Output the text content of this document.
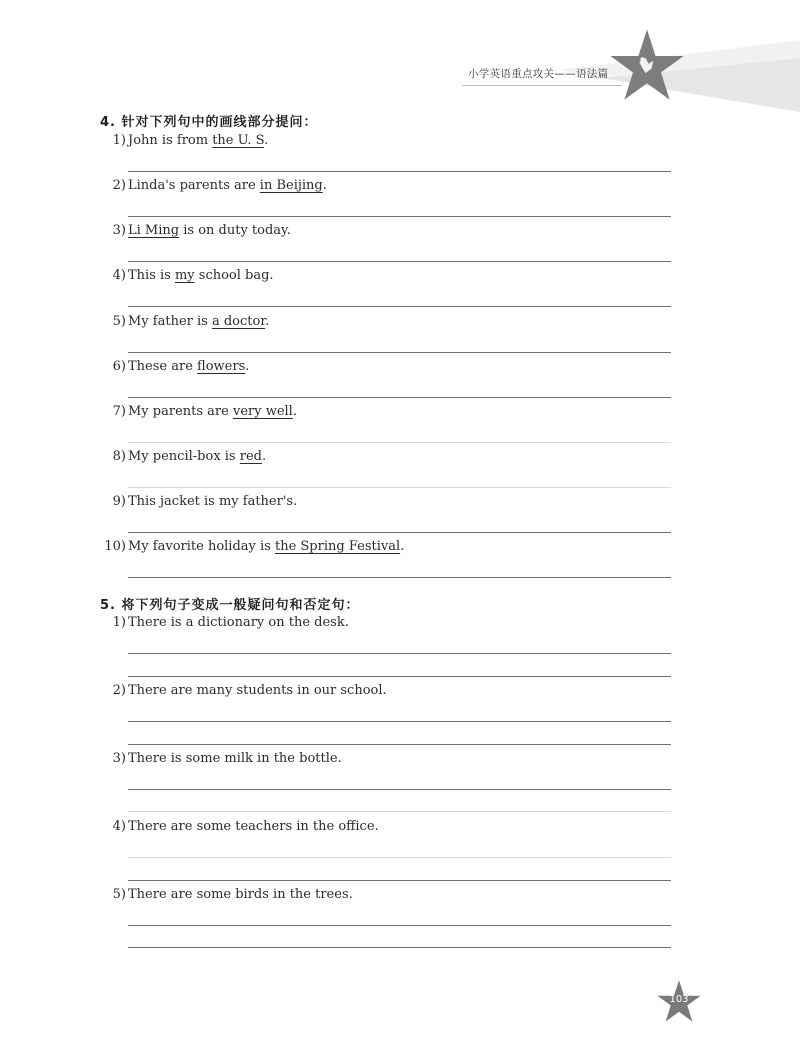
小学英语重点攻关——语法篇
4. 针对下列句中的画线部分提问：
1) John is from the U. S.
2) Linda's parents are in Beijing.
3) Li Ming is on duty today.
4) This is my school bag.
5) My father is a doctor.
6) These are flowers.
7) My parents are very well.
8) My pencil-box is red.
9) This jacket is my father's.
10) My favorite holiday is the Spring Festival.
5. 将下列句子变成一般疑问句和否定句：
1) There is a dictionary on the desk.
2) There are many students in our school.
3) There is some milk in the bottle.
4) There are some teachers in the office.
5) There are some birds in the trees.
103
